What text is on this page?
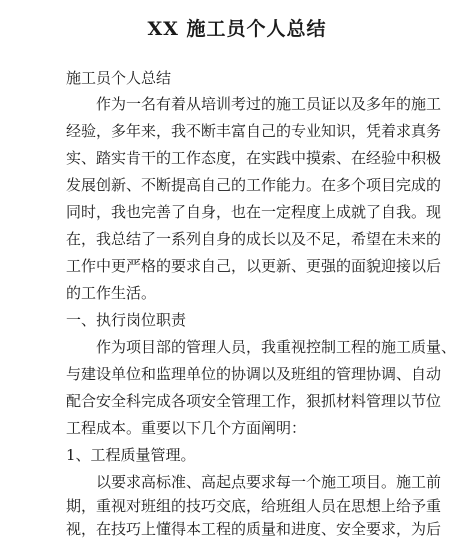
XX 施工员个人总结
施工员个人总结
作为一名有着从培训考过的施工员证以及多年的施工
经验，多年来，我不断丰富自己的专业知识，凭着求真务
实、踏实肯干的工作态度，在实践中摸索、在经验中积极
发展创新、不断提高自己的工作能力。在多个项目完成的
同时，我也完善了自身，也在一定程度上成就了自我。现
在，我总结了一系列自身的成长以及不足，希望在未来的
工作中更严格的要求自己，以更新、更强的面貌迎接以后
的工作生活。
一、执行岗位职责
作为项目部的管理人员，我重视控制工程的施工质量、
与建设单位和监理单位的协调以及班组的管理协调、自动
配合安全科完成各项安全管理工作，狠抓材料管理以节位
工程成本。重要以下几个方面阐明：
1、工程质量管理。
以要求高标准、高起点要求每一个施工项目。施工前
期，重视对班组的技巧交底，给班组人员在思想上给予重
视，在技巧上懂得本工程的质量和进度、安全要求，为后
